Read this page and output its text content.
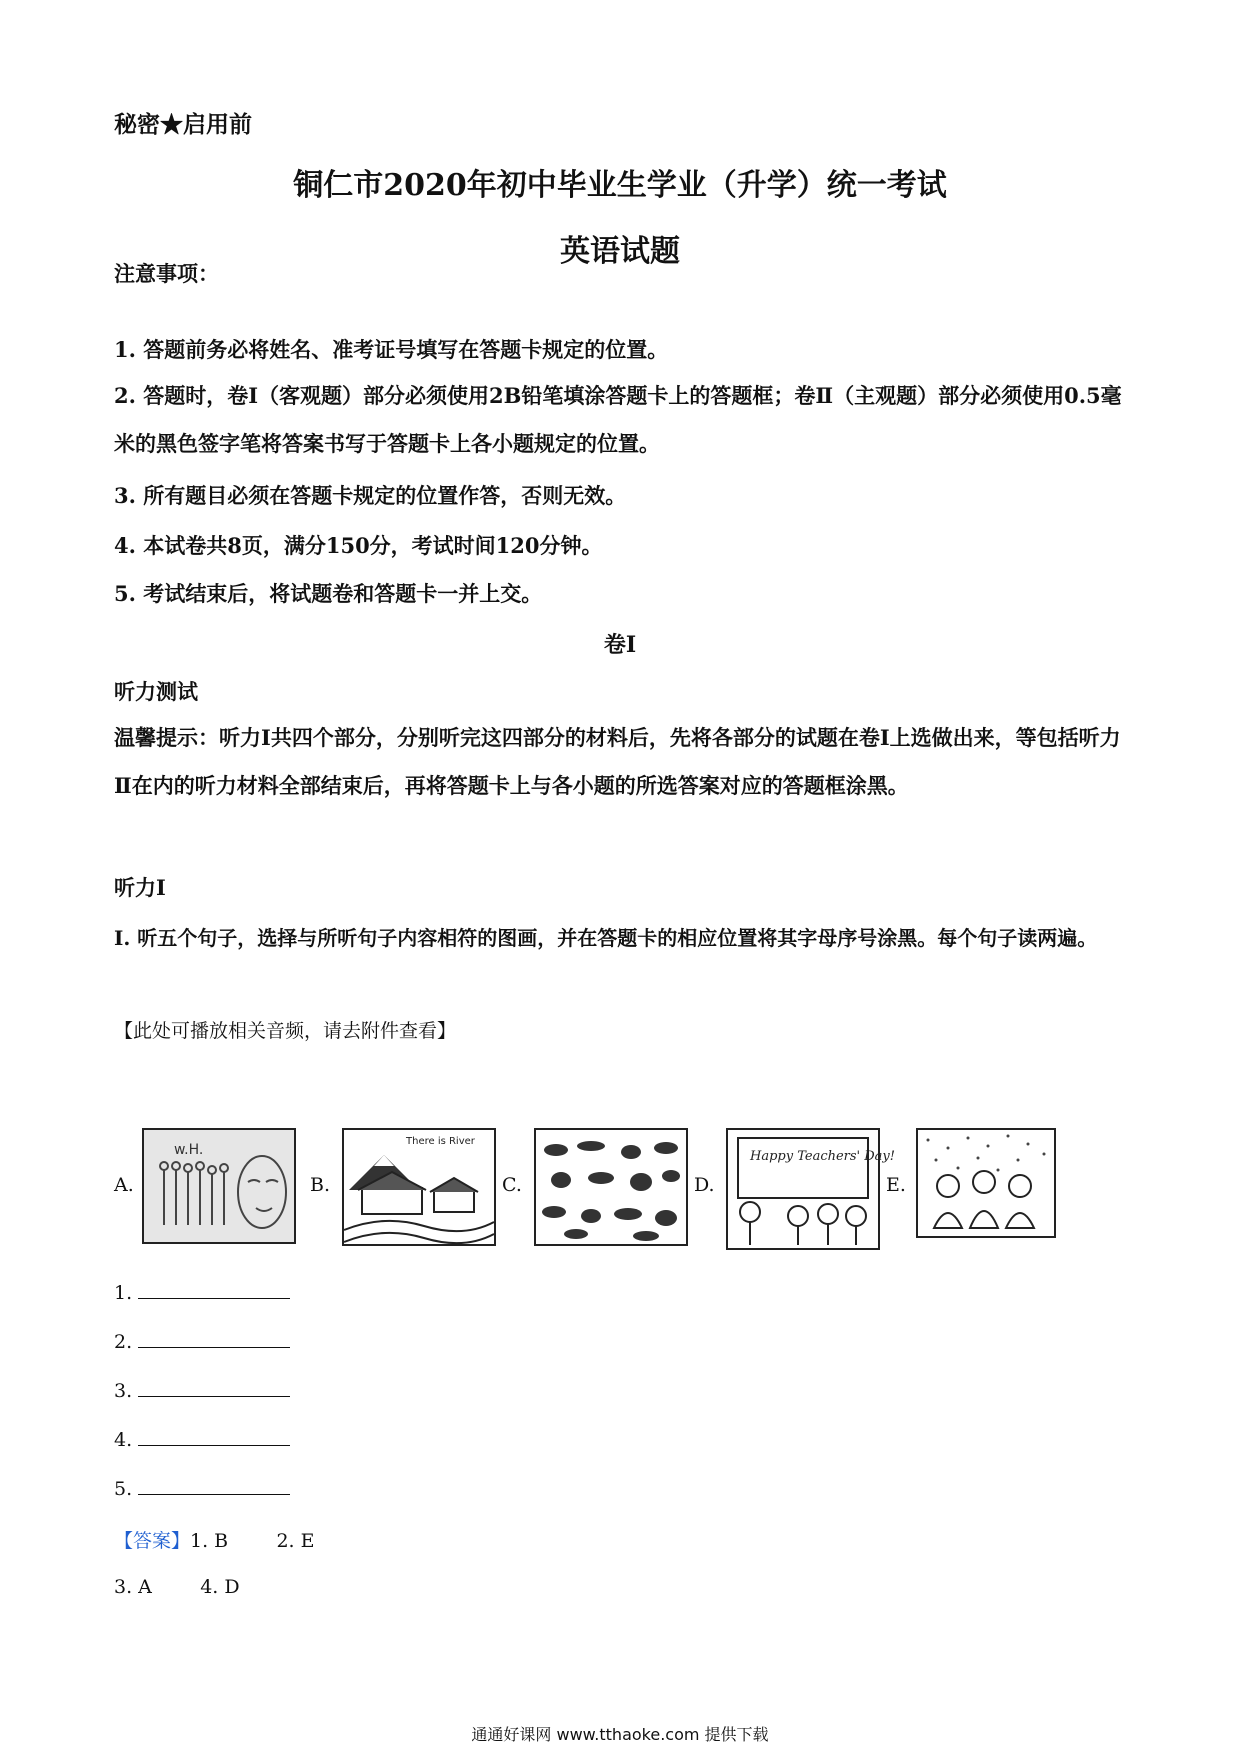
秘密★启用前
铜仁市2020年初中毕业生学业（升学）统一考试
英语试题
注意事项：
1. 答题前务必将姓名、准考证号填写在答题卡规定的位置。
2. 答题时，卷Ⅰ（客观题）部分必须使用2B铅笔填涂答题卡上的答题框；卷Ⅱ（主观题）部分必须使用0.5毫米的黑色签字笔将答案书写于答题卡上各小题规定的位置。
3. 所有题目必须在答题卡规定的位置作答，否则无效。
4. 本试卷共8页，满分150分，考试时间120分钟。
5. 考试结束后，将试题卷和答题卡一并上交。
卷Ⅰ
听力测试
温馨提示：听力Ⅰ共四个部分，分别听完这四部分的材料后，先将各部分的试题在卷Ⅰ上选做出来，等包括听力Ⅱ在内的听力材料全部结束后，再将答题卡上与各小题的所选答案对应的答题框涂黑。
听力Ⅰ
Ⅰ. 听五个句子，选择与所听句子内容相符的图画，并在答题卡的相应位置将其字母序号涂黑。每个句子读两遍。
【此处可播放相关音频，请去附件查看】
A.
w.H.
B.
There is River
C.	D.
Happy Teachers' Day!
E.
1.
2.
3.
4.
5.
【答案】1. B        2. E
3. A        4. D
通通好课网 www.tthaoke.com 提供下载
